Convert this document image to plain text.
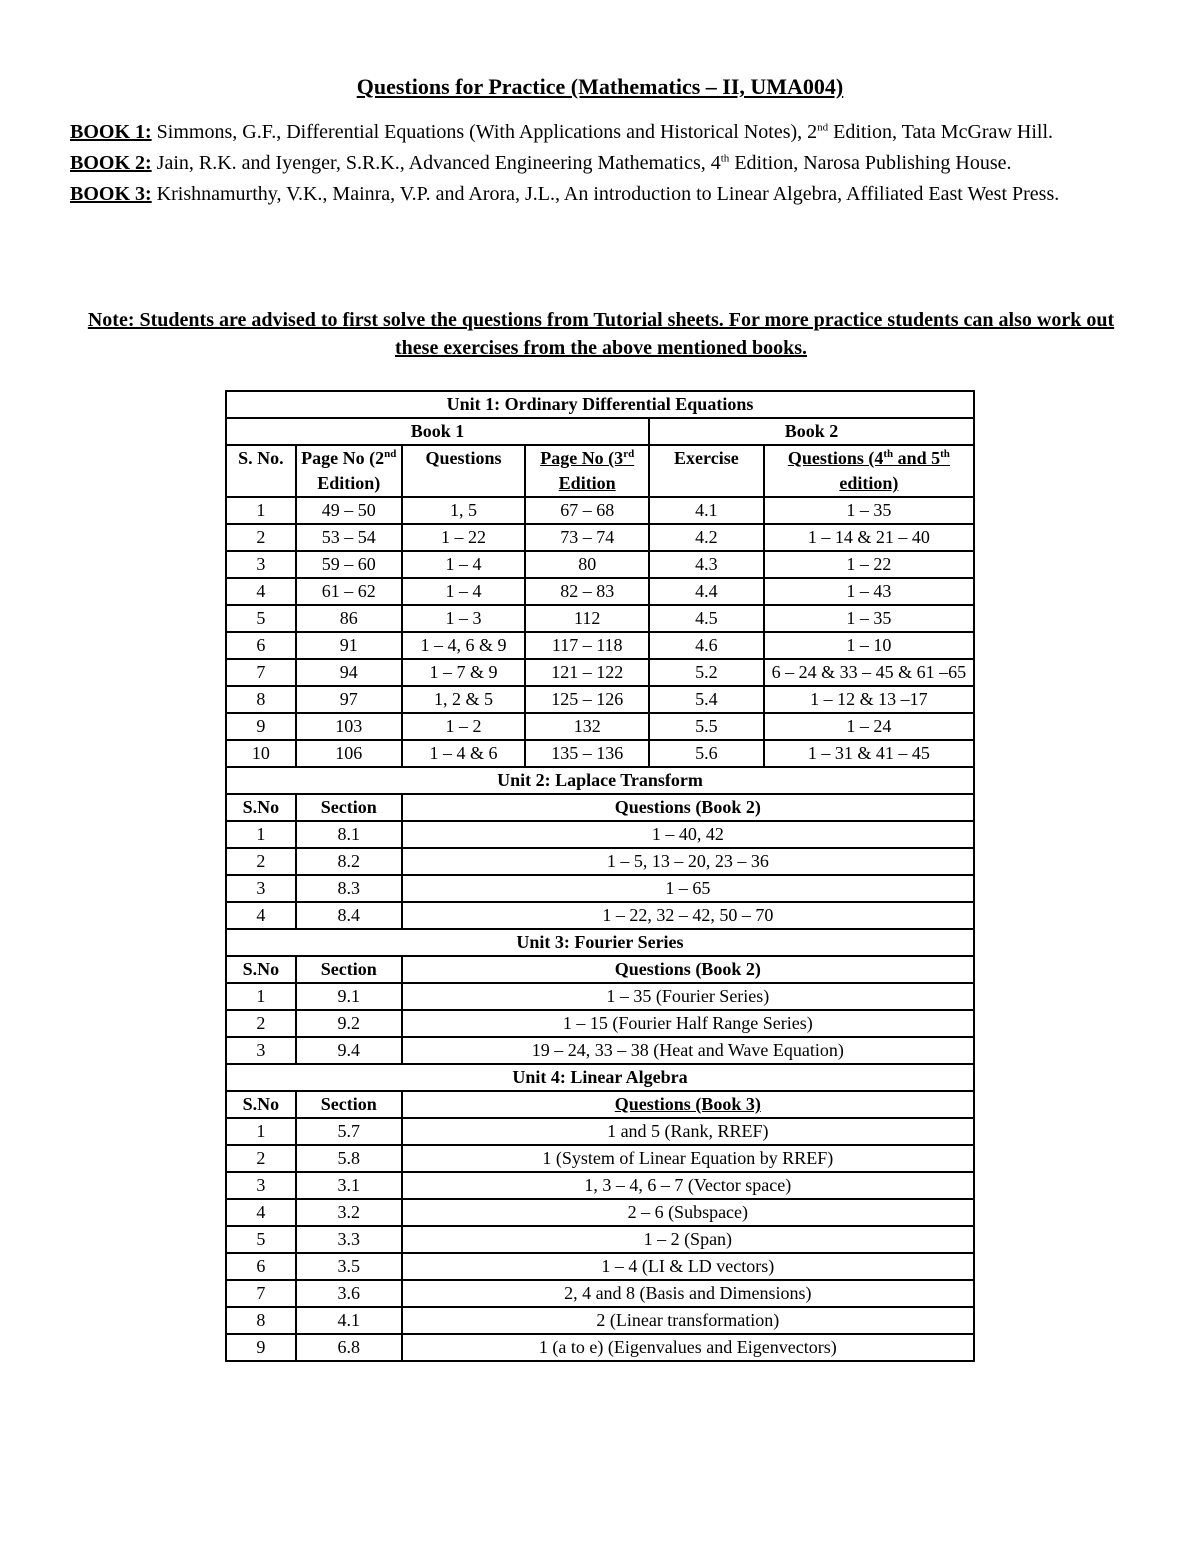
Questions for Practice (Mathematics – II, UMA004)

BOOK 1: Simmons, G.F., Differential Equations (With Applications and Historical Notes), 2nd Edition, Tata McGraw Hill.

BOOK 2: Jain, R.K. and Iyenger, S.R.K., Advanced Engineering Mathematics, 4th Edition, Narosa Publishing House.

BOOK 3: Krishnamurthy, V.K., Mainra, V.P. and Arora, J.L., An introduction to Linear Algebra, Affiliated East West Press.

Note: Students are advised to first solve the questions from Tutorial sheets. For more practice students can also work out these exercises from the above mentioned books.

Unit 1: Ordinary Differential Equations					
Book 1				Book 2	
S. No.	Page No (2nd Edition)	Questions	Page No (3rd Edition	Exercise	Questions (4th and 5th edition)
1	49 – 50	1, 5	67 – 68	4.1	1 – 35
2	53 – 54	1 – 22	73 – 74	4.2	1 – 14 & 21 – 40
3	59 – 60	1 – 4	80	4.3	1 – 22
4	61 – 62	1 – 4	82 – 83	4.4	1 – 43
5	86	1 – 3	112	4.5	1 – 35
6	91	1 – 4, 6 & 9	117 – 118	4.6	1 – 10
7	94	1 – 7 & 9	121 – 122	5.2	6 – 24 & 33 – 45 & 61 –65
8	97	1, 2 & 5	125 – 126	5.4	1 – 12 & 13 –17
9	103	1 – 2	132	5.5	1 – 24
10	106	1 – 4 & 6	135 – 136	5.6	1 – 31 & 41 – 45
Unit 2: Laplace Transform					
S.No	Section	Questions (Book 2)			
1	8.1	1 – 40, 42			
2	8.2	1 – 5, 13 – 20, 23 – 36			
3	8.3	1 – 65			
4	8.4	1 – 22, 32 – 42, 50 – 70			
Unit 3: Fourier Series					
S.No	Section	Questions (Book 2)			
1	9.1	1 – 35 (Fourier Series)			
2	9.2	1 – 15 (Fourier Half Range Series)			
3	9.4	19 – 24, 33 – 38 (Heat and Wave Equation)			
Unit 4: Linear Algebra					
S.No	Section	Questions (Book 3)			
1	5.7	1 and 5 (Rank, RREF)			
2	5.8	1 (System of Linear Equation by RREF)			
3	3.1	1, 3 – 4, 6 – 7 (Vector space)			
4	3.2	2 – 6 (Subspace)			
5	3.3	1 – 2 (Span)			
6	3.5	1 – 4 (LI & LD vectors)			
7	3.6	2, 4 and 8 (Basis and Dimensions)			
8	4.1	2 (Linear transformation)			
9	6.8	1 (a to e) (Eigenvalues and Eigenvectors)			
